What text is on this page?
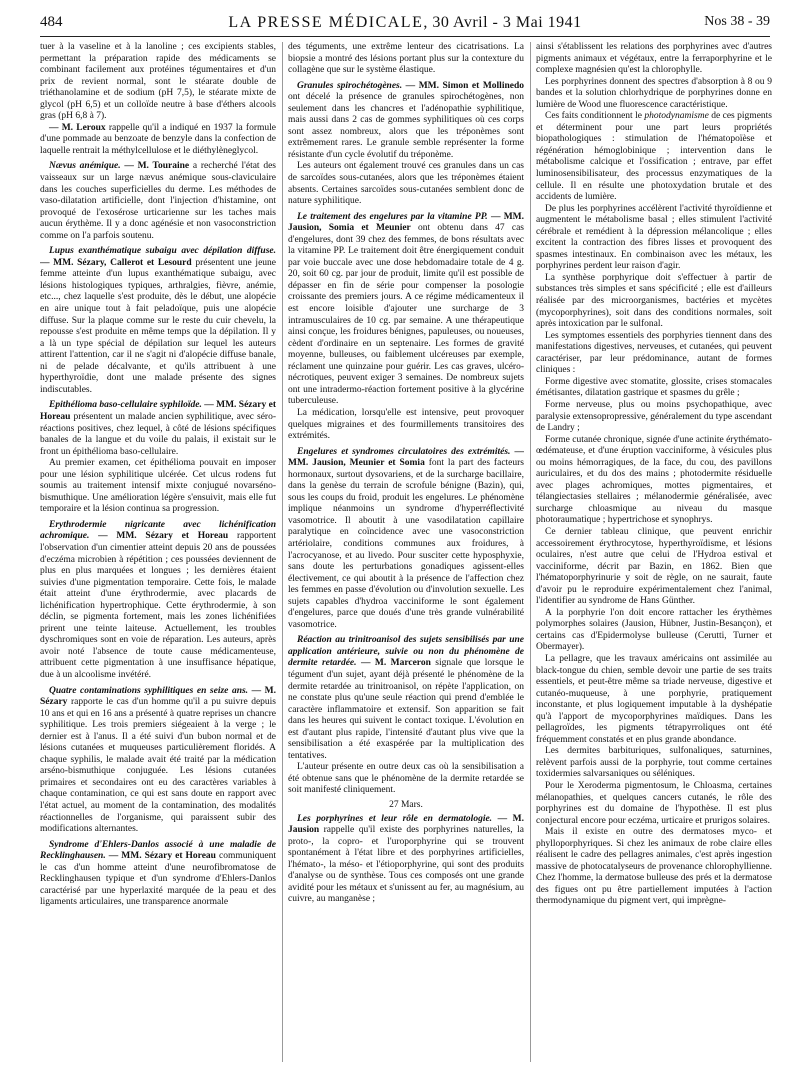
484	LA PRESSE MÉDICALE, 30 Avril - 3 Mai 1941	Nos 38 - 39

tuer à la vaseline et à la lanoline ; ces excipients stables, permettant la préparation rapide des médicaments se combinant facilement aux protéines tégumentaires et d'un prix de revient normal, sont le stéarate double de triéthanolamine et de sodium (pH 7,5), le stéarate mixte de glycol (pH 6,5) et un colloïde neutre à base d'éthers alcools gras (pH 6,8 à 7).

— M. Leroux rappelle qu'il a indiqué en 1937 la formule d'une pommade au benzoate de benzyle dans la confection de laquelle rentrait la méthylcellulose et le diéthylèneglycol.

Nævus anémique. — M. Touraine a recherché l'état des vaisseaux sur un large nævus anémique sous-claviculaire dans les couches superficielles du derme. Les méthodes de vaso-dilatation artificielle, dont l'injection d'histamine, ont provoqué de l'exosérose urticarienne sur les taches mais aucun érythème. Il y a donc agénésie et non vasoconstriction comme on l'a parfois soutenu.

Lupus exanthématique subaigu avec dépilation diffuse. — MM. Sézary, Callerot et Lesourd présentent une jeune femme atteinte d'un lupus exanthématique subaigu, avec lésions histologiques typiques, arthralgies, fièvre, anémie, etc..., chez laquelle s'est produite, dès le début, une alopécie en aire unique tout à fait peladoïque, puis une alopécie diffuse. Sur la plaque comme sur le reste du cuir chevelu, la repousse s'est produite en même temps que la dépilation. Il y a là un type spécial de dépilation sur lequel les auteurs attirent l'attention, car il ne s'agit ni d'alopécie diffuse banale, ni de pelade décalvante, et qu'ils attribuent à une hyperthyroïdie, dont une malade présente des signes indiscutables.

Epithélioma baso-cellulaire syphiloïde. — MM. Sézary et Horeau présentent un malade ancien syphilitique, avec séro-réactions positives, chez lequel, à côté de lésions spécifiques banales de la langue et du voile du palais, il existait sur le front un épithélioma baso-cellulaire.

Au premier examen, cet épithélioma pouvait en imposer pour une lésion syphilitique ulcérée. Cet ulcus rodens fut soumis au traitement intensif mixte conjugué novarséno-bismuthique. Une amélioration légère s'ensuivit, mais elle fut temporaire et la lésion continua sa progression.

Erythrodermie nigricante avec lichénification achromique. — MM. Sézary et Horeau rapportent l'observation d'un cimentier atteint depuis 20 ans de poussées d'eczéma microbien à répétition ; ces poussées deviennent de plus en plus marquées et longues ; les dernières étaient suivies d'une pigmentation temporaire. Cette fois, le malade était atteint d'une érythrodermie, avec placards de lichénification hypertrophique. Cette érythrodermie, à son déclin, se pigmenta fortement, mais les zones lichénifiées prirent une teinte laiteuse. Actuellement, les troubles dyschromiques sont en voie de réparation. Les auteurs, après avoir noté l'absence de toute cause médicamenteuse, attribuent cette pigmentation à une insuffisance hépatique, due à un alcoolisme invétéré.

Quatre contaminations syphilitiques en seize ans. — M. Sézary rapporte le cas d'un homme qu'il a pu suivre depuis 10 ans et qui en 16 ans a présenté à quatre reprises un chancre syphilitique. Les trois premiers siégeaient à la verge ; le dernier est à l'anus. Il a été suivi d'un bubon normal et de lésions cutanées et muqueuses particulièrement floridés. A chaque syphilis, le malade avait été traité par la médication arséno-bismuthique conjuguée. Les lésions cutanées primaires et secondaires ont eu des caractères variables à chaque contamination, ce qui est sans doute en rapport avec l'état actuel, au moment de la contamination, des modalités réactionnelles de l'organisme, qui paraissent subir des modifications alternantes.

Syndrome d'Ehlers-Danlos associé à une maladie de Recklinghausen. — MM. Sézary et Horeau communiquent le cas d'un homme atteint d'une neurofibromatose de Recklinghausen typique et d'un syndrome d'Ehlers-Danlos caractérisé par une hyperlaxité marquée de la peau et des ligaments articulaires, une transparence anormale

des téguments, une extrême lenteur des cicatrisations. La biopsie a montré des lésions portant plus sur la contexture du collagène que sur le système élastique.

Granules spirochétogènes. — MM. Simon et Mollinedo ont décelé la présence de granules spirochétogènes, non seulement dans les chancres et l'adénopathie syphilitique, mais aussi dans 2 cas de gommes syphilitiques où ces corps sont assez nombreux, alors que les tréponèmes sont extrêmement rares. Le granule semble représenter la forme résistante d'un cycle évolutif du tréponème.

Les auteurs ont également trouvé ces granules dans un cas de sarcoïdes sous-cutanées, alors que les tréponèmes étaient absents. Certaines sarcoïdes sous-cutanées semblent donc de nature syphilitique.

Le traitement des engelures par la vitamine PP. — MM. Jausion, Somia et Meunier ont obtenu dans 47 cas d'engelures, dont 39 chez des femmes, de bons résultats avec la vitamine PP. Le traitement doit être énergiquement conduit par voie buccale avec une dose hebdomadaire totale de 4 g. 20, soit 60 cg. par jour de produit, limite qu'il est possible de dépasser en fin de série pour compenser la posologie croissante des premiers jours. A ce régime médicamenteux il est encore loisible d'ajouter une surcharge de 3 intramusculaires de 10 cg. par semaine. A une thérapeutique ainsi conçue, les froidures bénignes, papuleuses, ou noueuses, cèdent d'ordinaire en un septenaire. Les formes de gravité moyenne, bulleuses, ou faiblement ulcéreuses par exemple, réclament une quinzaine pour guérir. Les cas graves, ulcéro-nécrotiques, peuvent exiger 3 semaines. De nombreux sujets ont une intradermo-réaction fortement positive à la glycérine tuberculeuse.

La médication, lorsqu'elle est intensive, peut provoquer quelques migraines et des fourmillements transitoires des extrémités.

Engelures et syndromes circulatoires des extrémités. — MM. Jausion, Meunier et Somia font la part des facteurs hormonaux, surtout dysovariens, et de la surcharge bacillaire, dans la genèse du terrain de scrofule bénigne (Bazin), qui, sous les coups du froid, produit les engelures. Le phénomène implique néanmoins un syndrome d'hyperréflectivité vasomotrice. Il aboutit à une vasodilatation capillaire paralytique en coïncidence avec une vasoconstriction artériolaire, conditions communes aux froidures, à l'acrocyanose, et au livedo. Pour susciter cette hyposphyxie, sans doute les perturbations gonadiques agissent-elles électivement, ce qui aboutit à la présence de l'affection chez les femmes en passe d'évolution ou d'involution sexuelle. Les sujets capables d'hydroa vacciniforme le sont également d'engelures, parce que doués d'une très grande vulnérabilité vasomotrice.

Réaction au trinitroanisol des sujets sensibilisés par une application antérieure, suivie ou non du phénomène de dermite retardée. — M. Marceron signale que lorsque le tégument d'un sujet, ayant déjà présenté le phénomène de la dermite retardée au trinitroanisol, on répète l'application, on ne constate plus qu'une seule réaction qui prend d'emblée le caractère inflammatoire et extensif. Son apparition se fait dans les heures qui suivent le contact toxique. L'évolution en est d'autant plus rapide, l'intensité d'autant plus vive que la sensibilisation a été exaspérée par la multiplication des tentatives.

L'auteur présente en outre deux cas où la sensibilisation a été obtenue sans que le phénomène de la dermite retardée se soit manifesté cliniquement.

27 Mars.

Les porphyrines et leur rôle en dermatologie. — M. Jausion rappelle qu'il existe des porphyrines naturelles, la proto-, la copro- et l'uroporphyrine qui se trouvent spontanément à l'état libre et des porphyrines artificielles, l'hémato-, la méso- et l'étioporphyrine, qui sont des produits d'analyse ou de synthèse. Tous ces composés ont une grande avidité pour les métaux et s'unissent au fer, au magnésium, au cuivre, au manganèse ;

ainsi s'établissent les relations des porphyrines avec d'autres pigments animaux et végétaux, entre la ferraporphyrine et le complexe magnésien qu'est la chlorophylle.

Les porphyrines donnent des spectres d'absorption à 8 ou 9 bandes et la solution chlorhydrique de porphyrines donne en lumière de Wood une fluorescence caractéristique.

Ces faits conditionnent le photodynamisme de ces pigments et déterminent pour une part leurs propriétés biopathologiques : stimulation de l'hématopoïèse et régénération hémoglobinique ; intervention dans le métabolisme calcique et l'ossification ; entrave, par effet luminosensibilisateur, des processus enzymatiques de la cellule. Il en résulte une photoxydation brutale et des accidents de lumière.

De plus les porphyrines accélèrent l'activité thyroïdienne et augmentent le métabolisme basal ; elles stimulent l'activité cérébrale et remédient à la dépression mélancolique ; elles excitent la contraction des fibres lisses et provoquent des spasmes intestinaux. En combinaison avec les métaux, les porphyrines perdent leur raison d'agir.

La synthèse porphyrique doit s'effectuer à partir de substances très simples et sans spécificité ; elle est d'ailleurs réalisée par des microorganismes, bactéries et mycètes (mycoporphyrines), soit dans des conditions normales, soit après intoxication par le sulfonal.

Les symptomes essentiels des porphyries tiennent dans des manifestations digestives, nerveuses, et cutanées, qui peuvent caractériser, par leur prédominance, autant de formes cliniques :

Forme digestive avec stomatite, glossite, crises stomacales émétisantes, dilatation gastrique et spasmes du grêle ;

Forme nerveuse, plus ou moins psychopathique, avec paralysie extensopropressive, généralement du type ascendant de Landry ;

Forme cutanée chronique, signée d'une actinite érythémato-œdémateuse, et d'une éruption vacciniforme, à vésicules plus ou moins hémorragiques, de la face, du cou, des pavillons auriculaires, et du dos des mains ; photodermite résiduelle avec plages achromiques, mottes pigmentaires, et télangiectasies stellaires ; mélanodermie généralisée, avec surcharge chloasmique au niveau du masque photoraumatique ; hypertrichose et synophrys.

Ce dernier tableau clinique, que peuvent enrichir accessoirement érythrocytose, hyperthyroïdisme, et lésions oculaires, n'est autre que celui de l'Hydroa estival et vacciniforme, décrit par Bazin, en 1862. Bien que l'hématoporphyrinurie y soit de règle, on ne saurait, faute d'avoir pu le reproduire expérimentalement chez l'animal, l'identifier au syndrome de Hans Günther.

A la porphyrie l'on doit encore rattacher les érythèmes polymorphes solaires (Jausion, Hübner, Justin-Besançon), et certains cas d'Epidermolyse bulleuse (Cerutti, Turner et Obermayer).

La pellagre, que les travaux américains ont assimilée au black-tongue du chien, semble devoir une partie de ses traits essentiels, et peut-être même sa triade nerveuse, digestive et cutanéo-muqueuse, à une porphyrie, pratiquement inconstante, et plus logiquement imputable à la dyshépatie qu'à l'apport de mycoporphyrines maïdiques. Dans les pellagroïdes, les pigments tétrapyrroliques ont été fréquemment constatés et en plus grande abondance.

Les dermites barbituriques, sulfonaliques, saturnines, relèvent parfois aussi de la porphyrie, tout comme certaines toxidermies salvarsaniques ou séléniques.

Pour le Xeroderma pigmentosum, le Chloasma, certaines mélanopathies, et quelques cancers cutanés, le rôle des porphyrines est du domaine de l'hypothèse. Il est plus conjectural encore pour eczéma, urticaire et prurigos solaires.

Mais il existe en outre des dermatoses myco- et phylloporphyriques. Si chez les animaux de robe claire elles réalisent le cadre des pellagres animales, c'est après ingestion massive de photocatalyseurs de provenance chlorophyllienne. Chez l'homme, la dermatose bulleuse des prés et la dermatose des figues ont pu être partiellement imputées à l'action thermodynamique du pigment vert, qui imprègne-
